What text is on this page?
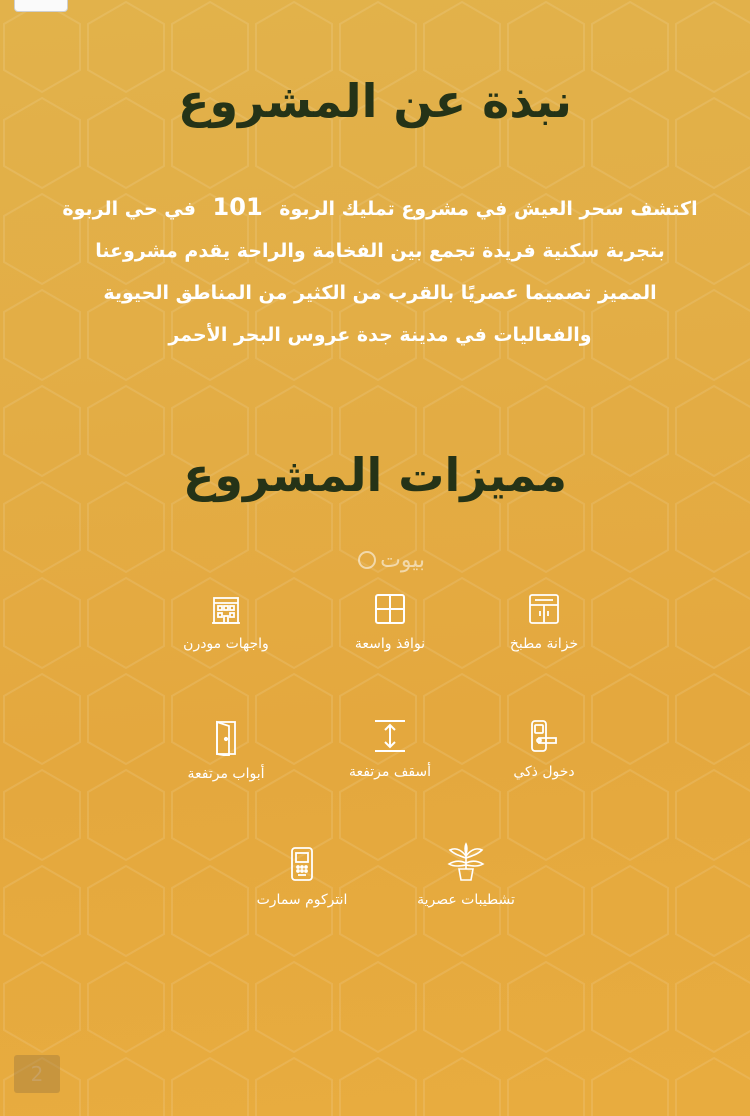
نبذة عن المشروع

اكتشف سحر العيش في مشروع تمليك الربوة 101 في حي الربوة
بتجربة سكنية فريدة تجمع بين الفخامة والراحة يقدم مشروعنا
المميز تصميما عصريًا بالقرب من الكثير من المناطق الحيوية
والفعاليات في مدينة جدة عروس البحر الأحمر

مميزات المشروع
بيوت
واجهات مودرن	نوافذ واسعة	خزانة مطبخ
أبواب مرتفعة	أسقف مرتفعة	دخول ذكي
انتركوم سمارت	تشطيبات عصرية
2
